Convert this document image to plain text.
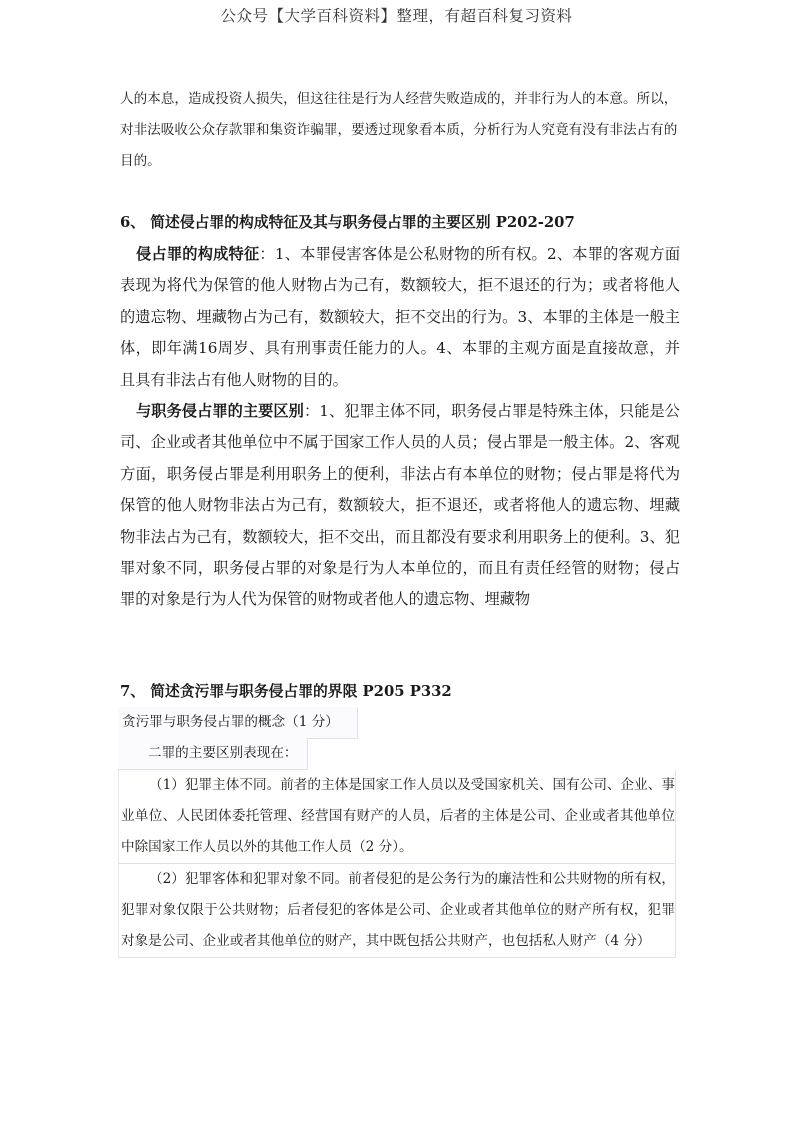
公众号【大学百科资料】整理，有超百科复习资料
人的本息，造成投资人损失，但这往往是行为人经营失败造成的，并非行为人的本意。所以，对非法吸收公众存款罪和集资诈骗罪，要透过现象看本质，分析行为人究竟有没有非法占有的目的。
6、 简述侵占罪的构成特征及其与职务侵占罪的主要区别 P202-207
侵占罪的构成特征：1、本罪侵害客体是公私财物的所有权。2、本罪的客观方面表现为将代为保管的他人财物占为己有，数额较大，拒不退还的行为；或者将他人的遗忘物、埋藏物占为己有，数额较大，拒不交出的行为。3、本罪的主体是一般主体，即年满16周岁、具有刑事责任能力的人。4、本罪的主观方面是直接故意，并且具有非法占有他人财物的目的。
与职务侵占罪的主要区别：1、犯罪主体不同，职务侵占罪是特殊主体，只能是公司、企业或者其他单位中不属于国家工作人员的人员；侵占罪是一般主体。2、客观方面，职务侵占罪是利用职务上的便利，非法占有本单位的财物；侵占罪是将代为保管的他人财物非法占为己有，数额较大，拒不退还，或者将他人的遗忘物、埋藏物非法占为己有，数额较大，拒不交出，而且都没有要求利用职务上的便利。3、犯罪对象不同，职务侵占罪的对象是行为人本单位的，而且有责任经管的财物；侵占罪的对象是行为人代为保管的财物或者他人的遗忘物、埋藏物
7、 简述贪污罪与职务侵占罪的界限 P205 P332
贪污罪与职务侵占罪的概念（1 分）
二罪的主要区别表现在：
（1）犯罪主体不同。前者的主体是国家工作人员以及受国家机关、国有公司、企业、事业单位、人民团体委托管理、经营国有财产的人员，后者的主体是公司、企业或者其他单位中除国家工作人员以外的其他工作人员（2 分）。
（2）犯罪客体和犯罪对象不同。前者侵犯的是公务行为的廉洁性和公共财物的所有权，犯罪对象仅限于公共财物；后者侵犯的客体是公司、企业或者其他单位的财产所有权，犯罪对象是公司、企业或者其他单位的财产，其中既包括公共财产，也包括私人财产（4 分）
